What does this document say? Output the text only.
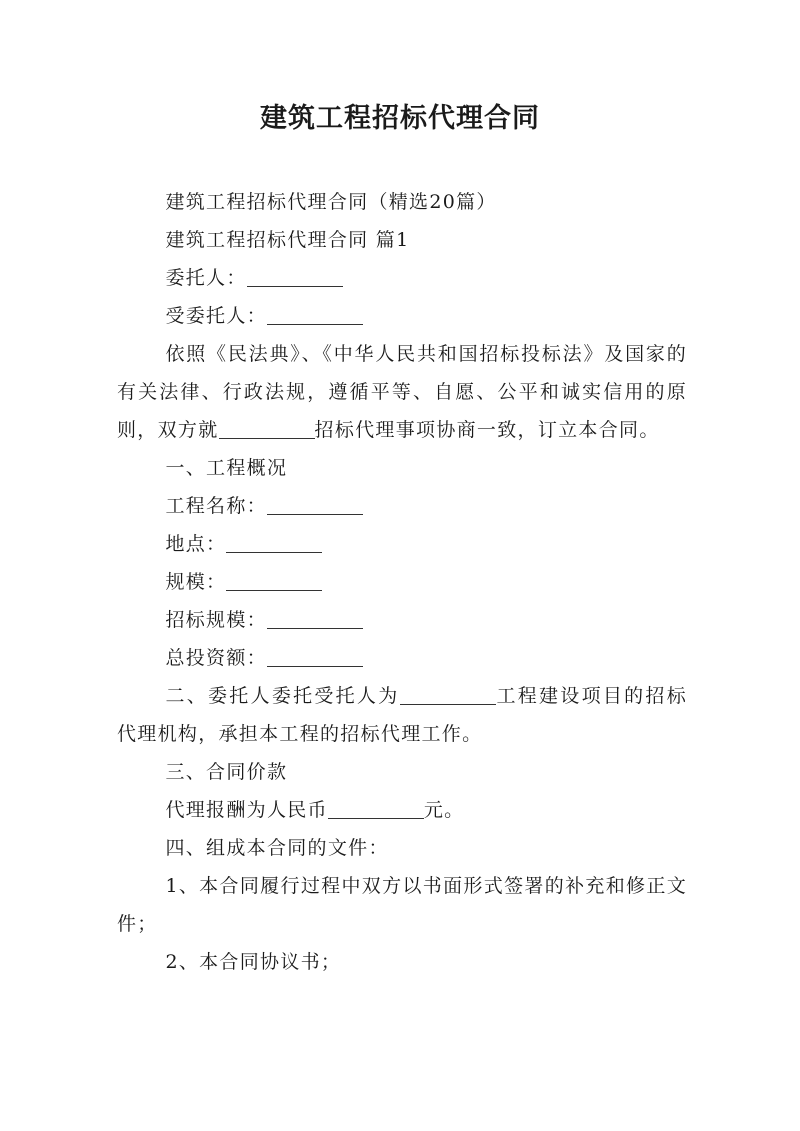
建筑工程招标代理合同

建筑工程招标代理合同（精选20篇）

建筑工程招标代理合同 篇1

委托人：

受委托人：

依照《民法典》、《中华人民共和国招标投标法》及国家的有关法律、行政法规，遵循平等、自愿、公平和诚实信用的原则，双方就	招标代理事项协商一致，订立本合同。

一、工程概况

工程名称：

地点：

规模：

招标规模：

总投资额：

二、委托人委托受托人为	工程建设项目的招标代理机构，承担本工程的招标代理工作。

三、合同价款

代理报酬为人民币	元。

四、组成本合同的文件：

1、本合同履行过程中双方以书面形式签署的补充和修正文件；

2、本合同协议书；
